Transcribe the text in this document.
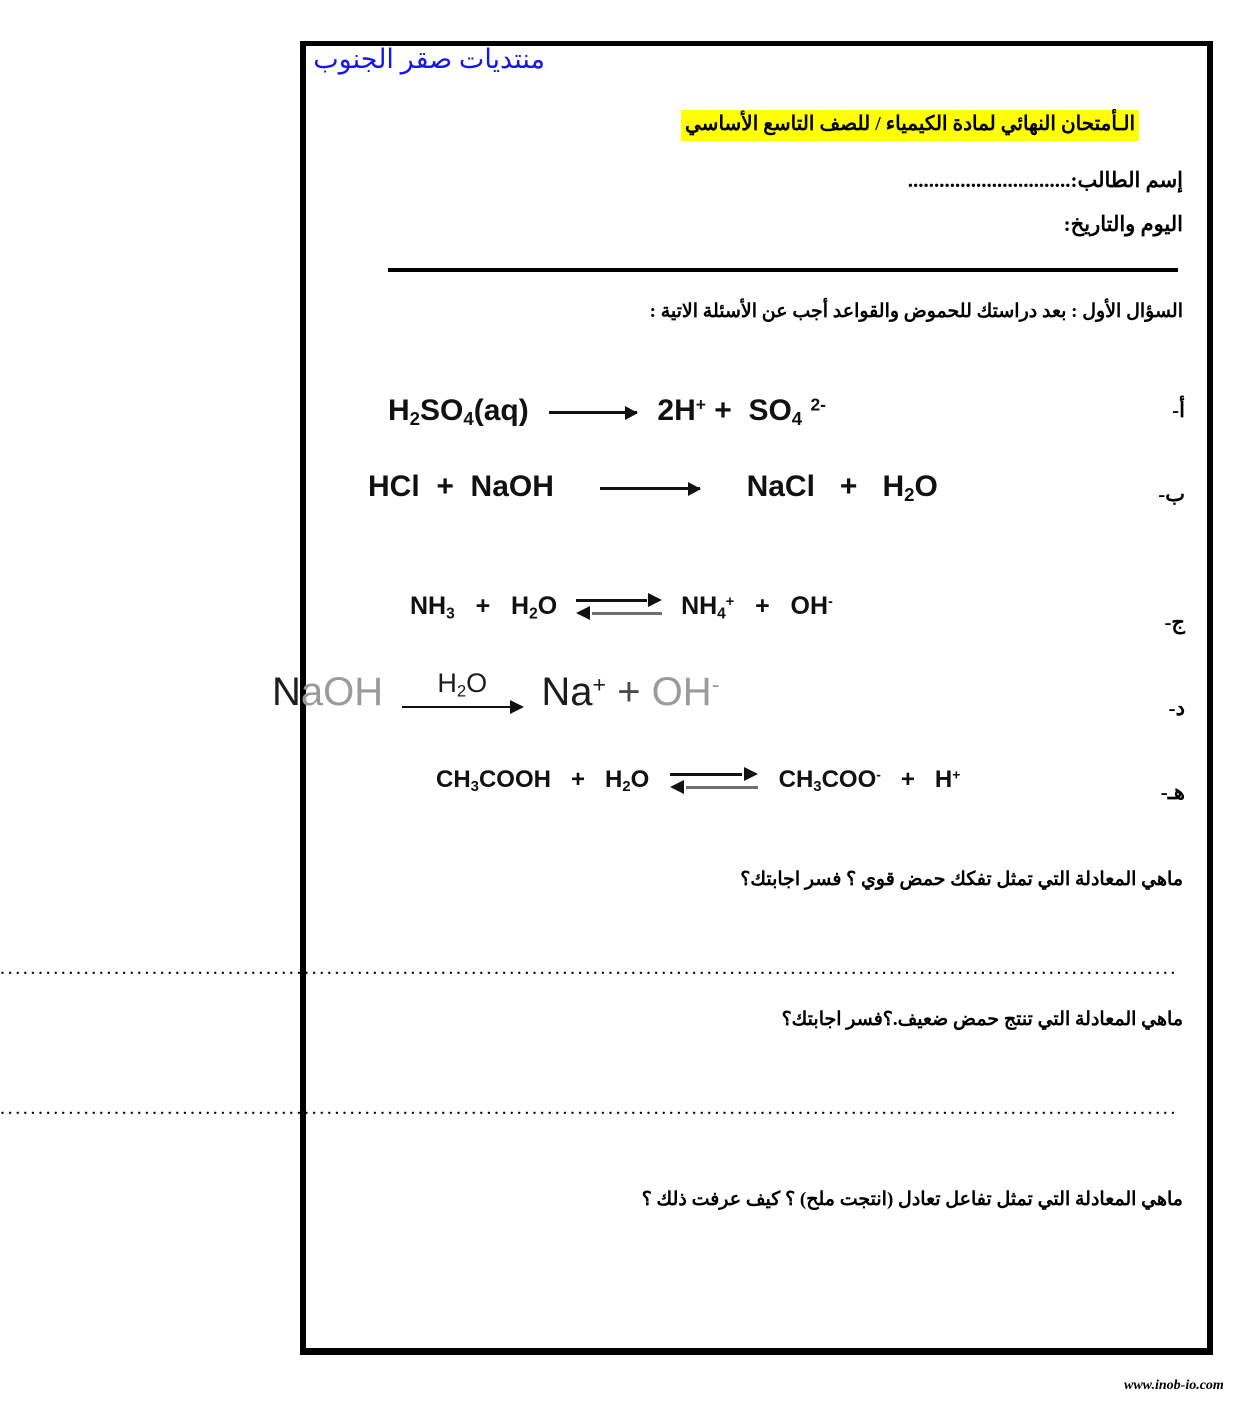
منتديات صقر الجنوب
الـأمتحان النهائي لمادة الكيمياء / للصف التاسع الأساسي
إسم الطالب:...............................
اليوم والتاريخ:
السؤال الأول : بعد دراستك للحموض والقواعد أجب عن الأسئلة الاتية :
أ-
$H_2SO_4(aq)$	$2H^+ + SO_4$ $^{2-}$
ب-
HCl  +  NaOH	NaCl   +   $H_2O$
ج-
$NH_3 + H_2O$	$NH_4^+ + OH^-$
د-
NaOH $H_2O$ Na+ + OH-
هـ-
$CH_3COOH + H_2O$	$CH_3COO^- + H^+$
ماهي المعادلة التي تمثل تفكك حمض قوي ؟ فسر اجابتك؟
...........................................................................................................................................................
ماهي المعادلة التي تنتج حمض ضعيف.؟فسر اجابتك؟
...........................................................................................................................................................
ماهي المعادلة التي تمثل تفاعل تعادل (انتجت ملح) ؟ كيف عرفت ذلك ؟
www.inob-io.com
